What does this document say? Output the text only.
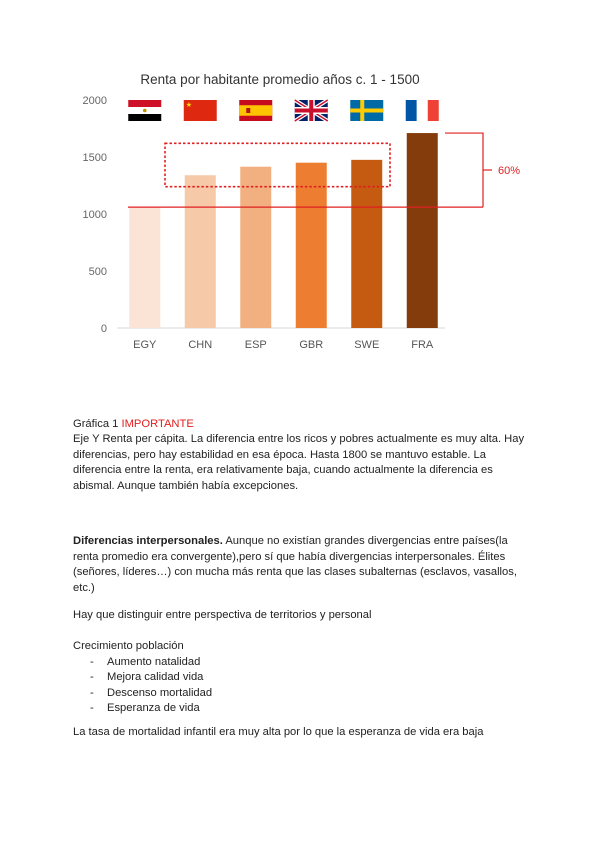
Renta por habitante promedio años c. 1 - 1500
★
0
500
1000
1500
2000
EGY	CHN	ESP	GBR	SWE	FRA
60%
Gráfica 1 IMPORTANTE
Eje Y Renta per cápita. La diferencia entre los ricos y pobres actualmente es muy alta. Hay diferencias, pero hay estabilidad en esa época. Hasta 1800 se mantuvo estable. La diferencia entre la renta, era relativamente baja, cuando actualmente la diferencia es abismal. Aunque también había excepciones.
Diferencias interpersonales. Aunque no existían grandes divergencias entre países(la renta promedio era convergente),pero sí que había divergencias interpersonales. Élites (señores, líderes…) con mucha más renta que las clases subalternas (esclavos, vasallos, etc.)
Hay que distinguir entre perspectiva de territorios y personal
Crecimiento población
- Aumento natalidad
- Mejora calidad vida
- Descenso mortalidad
- Esperanza de vida
La tasa de mortalidad infantil era muy alta por lo que la esperanza de vida era baja
